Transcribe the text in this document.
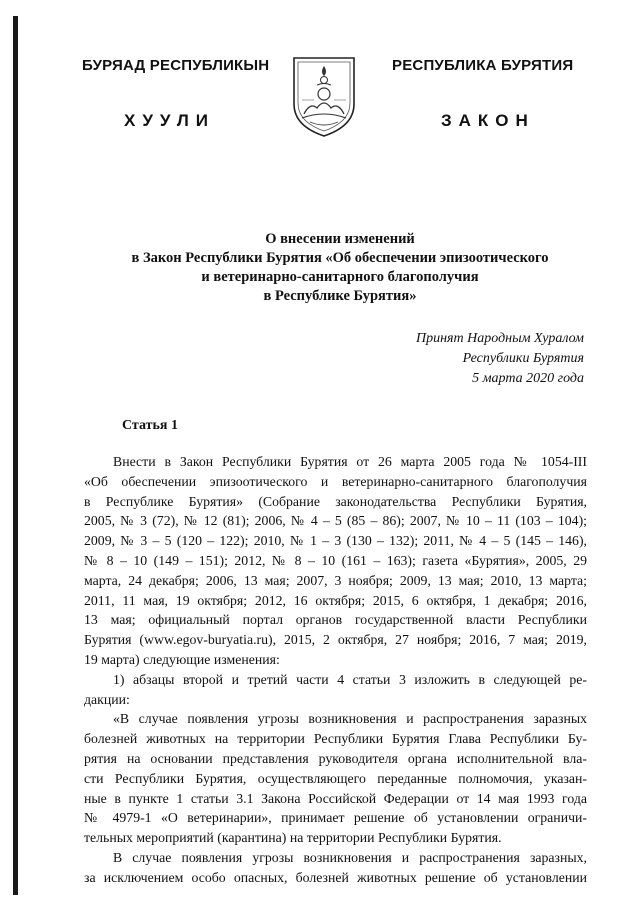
БУРЯАД РЕСПУБЛИКЫН
ХУУЛИ
РЕСПУБЛИКА БУРЯТИЯ
ЗАКОН
О внесении изменений
в Закон Республики Бурятия «Об обеспечении эпизоотического
и ветеринарно-санитарного благополучия
в Республике Бурятия»
Принят Народным Хуралом
Республики Бурятия
5 марта 2020 года
Статья 1
Внести в Закон Республики Бурятия от 26 марта 2005 года № 1054-III
«Об обеспечении эпизоотического и ветеринарно-санитарного благополучия
в Республике Бурятия» (Собрание законодательства Республики Бурятия,
2005, № 3 (72), № 12 (81); 2006, № 4 – 5 (85 – 86); 2007, № 10 – 11 (103 – 104);
2009, № 3 – 5 (120 – 122); 2010, № 1 – 3 (130 – 132); 2011, № 4 – 5 (145 – 146),
№ 8 – 10 (149 – 151); 2012, № 8 – 10 (161 – 163); газета «Бурятия», 2005, 29
марта, 24 декабря; 2006, 13 мая; 2007, 3 ноября; 2009, 13 мая; 2010, 13 марта;
2011, 11 мая, 19 октября; 2012, 16 октября; 2015, 6 октября, 1 декабря; 2016,
13 мая; официальный портал органов государственной власти Республики
Бурятия (www.egov-buryatia.ru), 2015, 2 октября, 27 ноября; 2016, 7 мая; 2019,
19 марта) следующие изменения:
1) абзацы второй и третий части 4 статьи 3 изложить в следующей ре-
дакции:
«В случае появления угрозы возникновения и распространения заразных
болезней животных на территории Республики Бурятия Глава Республики Бу-
рятия на основании представления руководителя органа исполнительной вла-
сти Республики Бурятия, осуществляющего переданные полномочия, указан-
ные в пункте 1 статьи 3.1 Закона Российской Федерации от 14 мая 1993 года
№ 4979-1 «О ветеринарии», принимает решение об установлении ограничи-
тельных мероприятий (карантина) на территории Республики Бурятия.
В случае появления угрозы возникновения и распространения заразных,
за исключением особо опасных, болезней животных решение об установлении
